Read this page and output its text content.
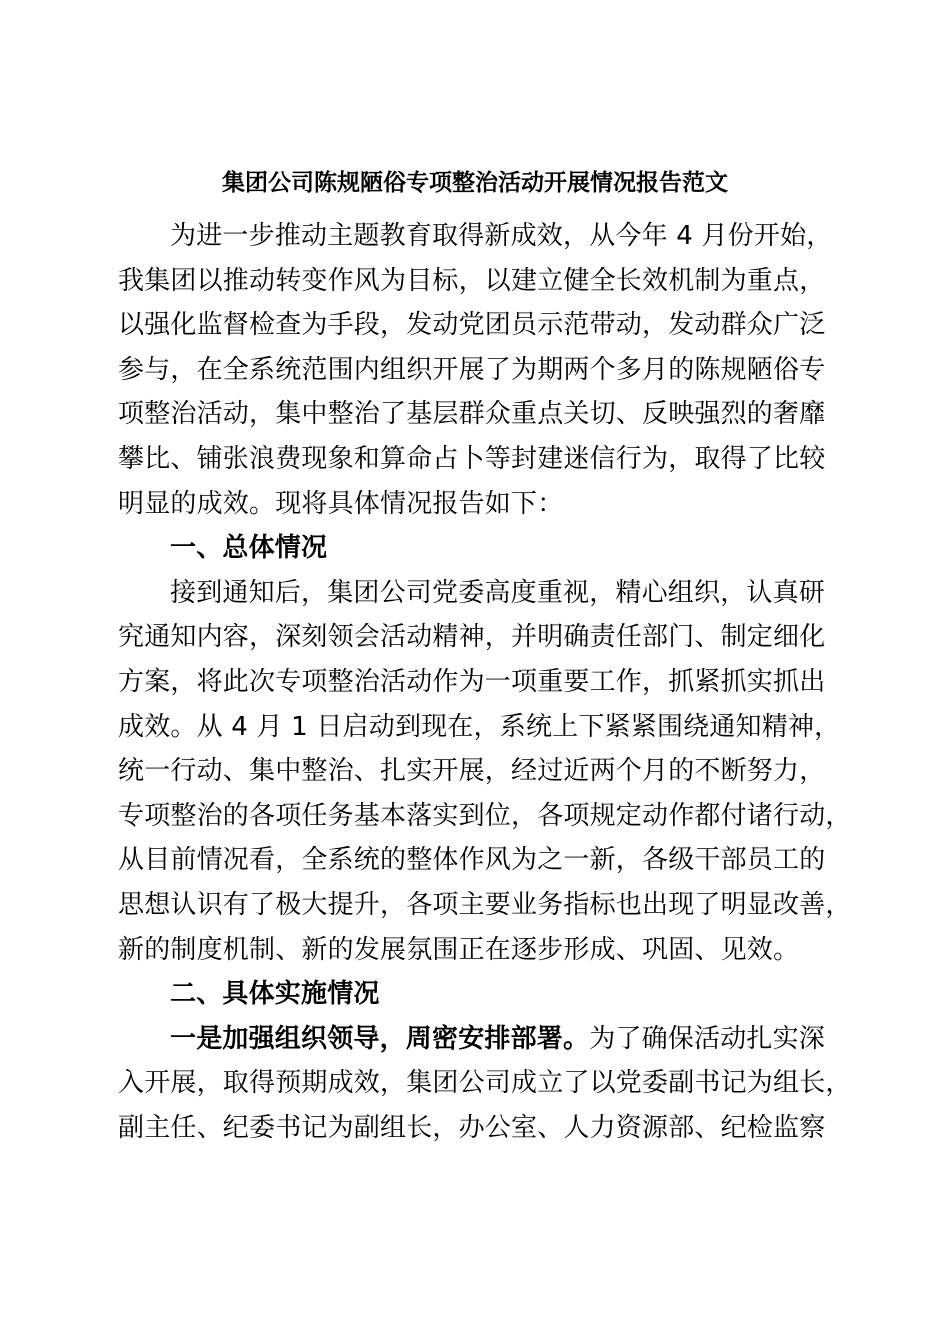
集团公司陈规陋俗专项整治活动开展情况报告范文
为进一步推动主题教育取得新成效，从今年 4 月份开始，
我集团以推动转变作风为目标，以建立健全长效机制为重点，
以强化监督检查为手段，发动党团员示范带动，发动群众广泛
参与，在全系统范围内组织开展了为期两个多月的陈规陋俗专
项整治活动，集中整治了基层群众重点关切、反映强烈的奢靡
攀比、铺张浪费现象和算命占卜等封建迷信行为，取得了比较
明显的成效。现将具体情况报告如下：
一、总体情况
接到通知后，集团公司党委高度重视，精心组织，认真研
究通知内容，深刻领会活动精神，并明确责任部门、制定细化
方案，将此次专项整治活动作为一项重要工作，抓紧抓实抓出
成效。从 4 月 1 日启动到现在，系统上下紧紧围绕通知精神，
统一行动、集中整治、扎实开展，经过近两个月的不断努力，
专项整治的各项任务基本落实到位，各项规定动作都付诸行动，
从目前情况看，全系统的整体作风为之一新，各级干部员工的
思想认识有了极大提升，各项主要业务指标也出现了明显改善，
新的制度机制、新的发展氛围正在逐步形成、巩固、见效。
二、具体实施情况
一是加强组织领导，周密安排部署。为了确保活动扎实深
入开展，取得预期成效，集团公司成立了以党委副书记为组长，
副主任、纪委书记为副组长，办公室、人力资源部、纪检监察
